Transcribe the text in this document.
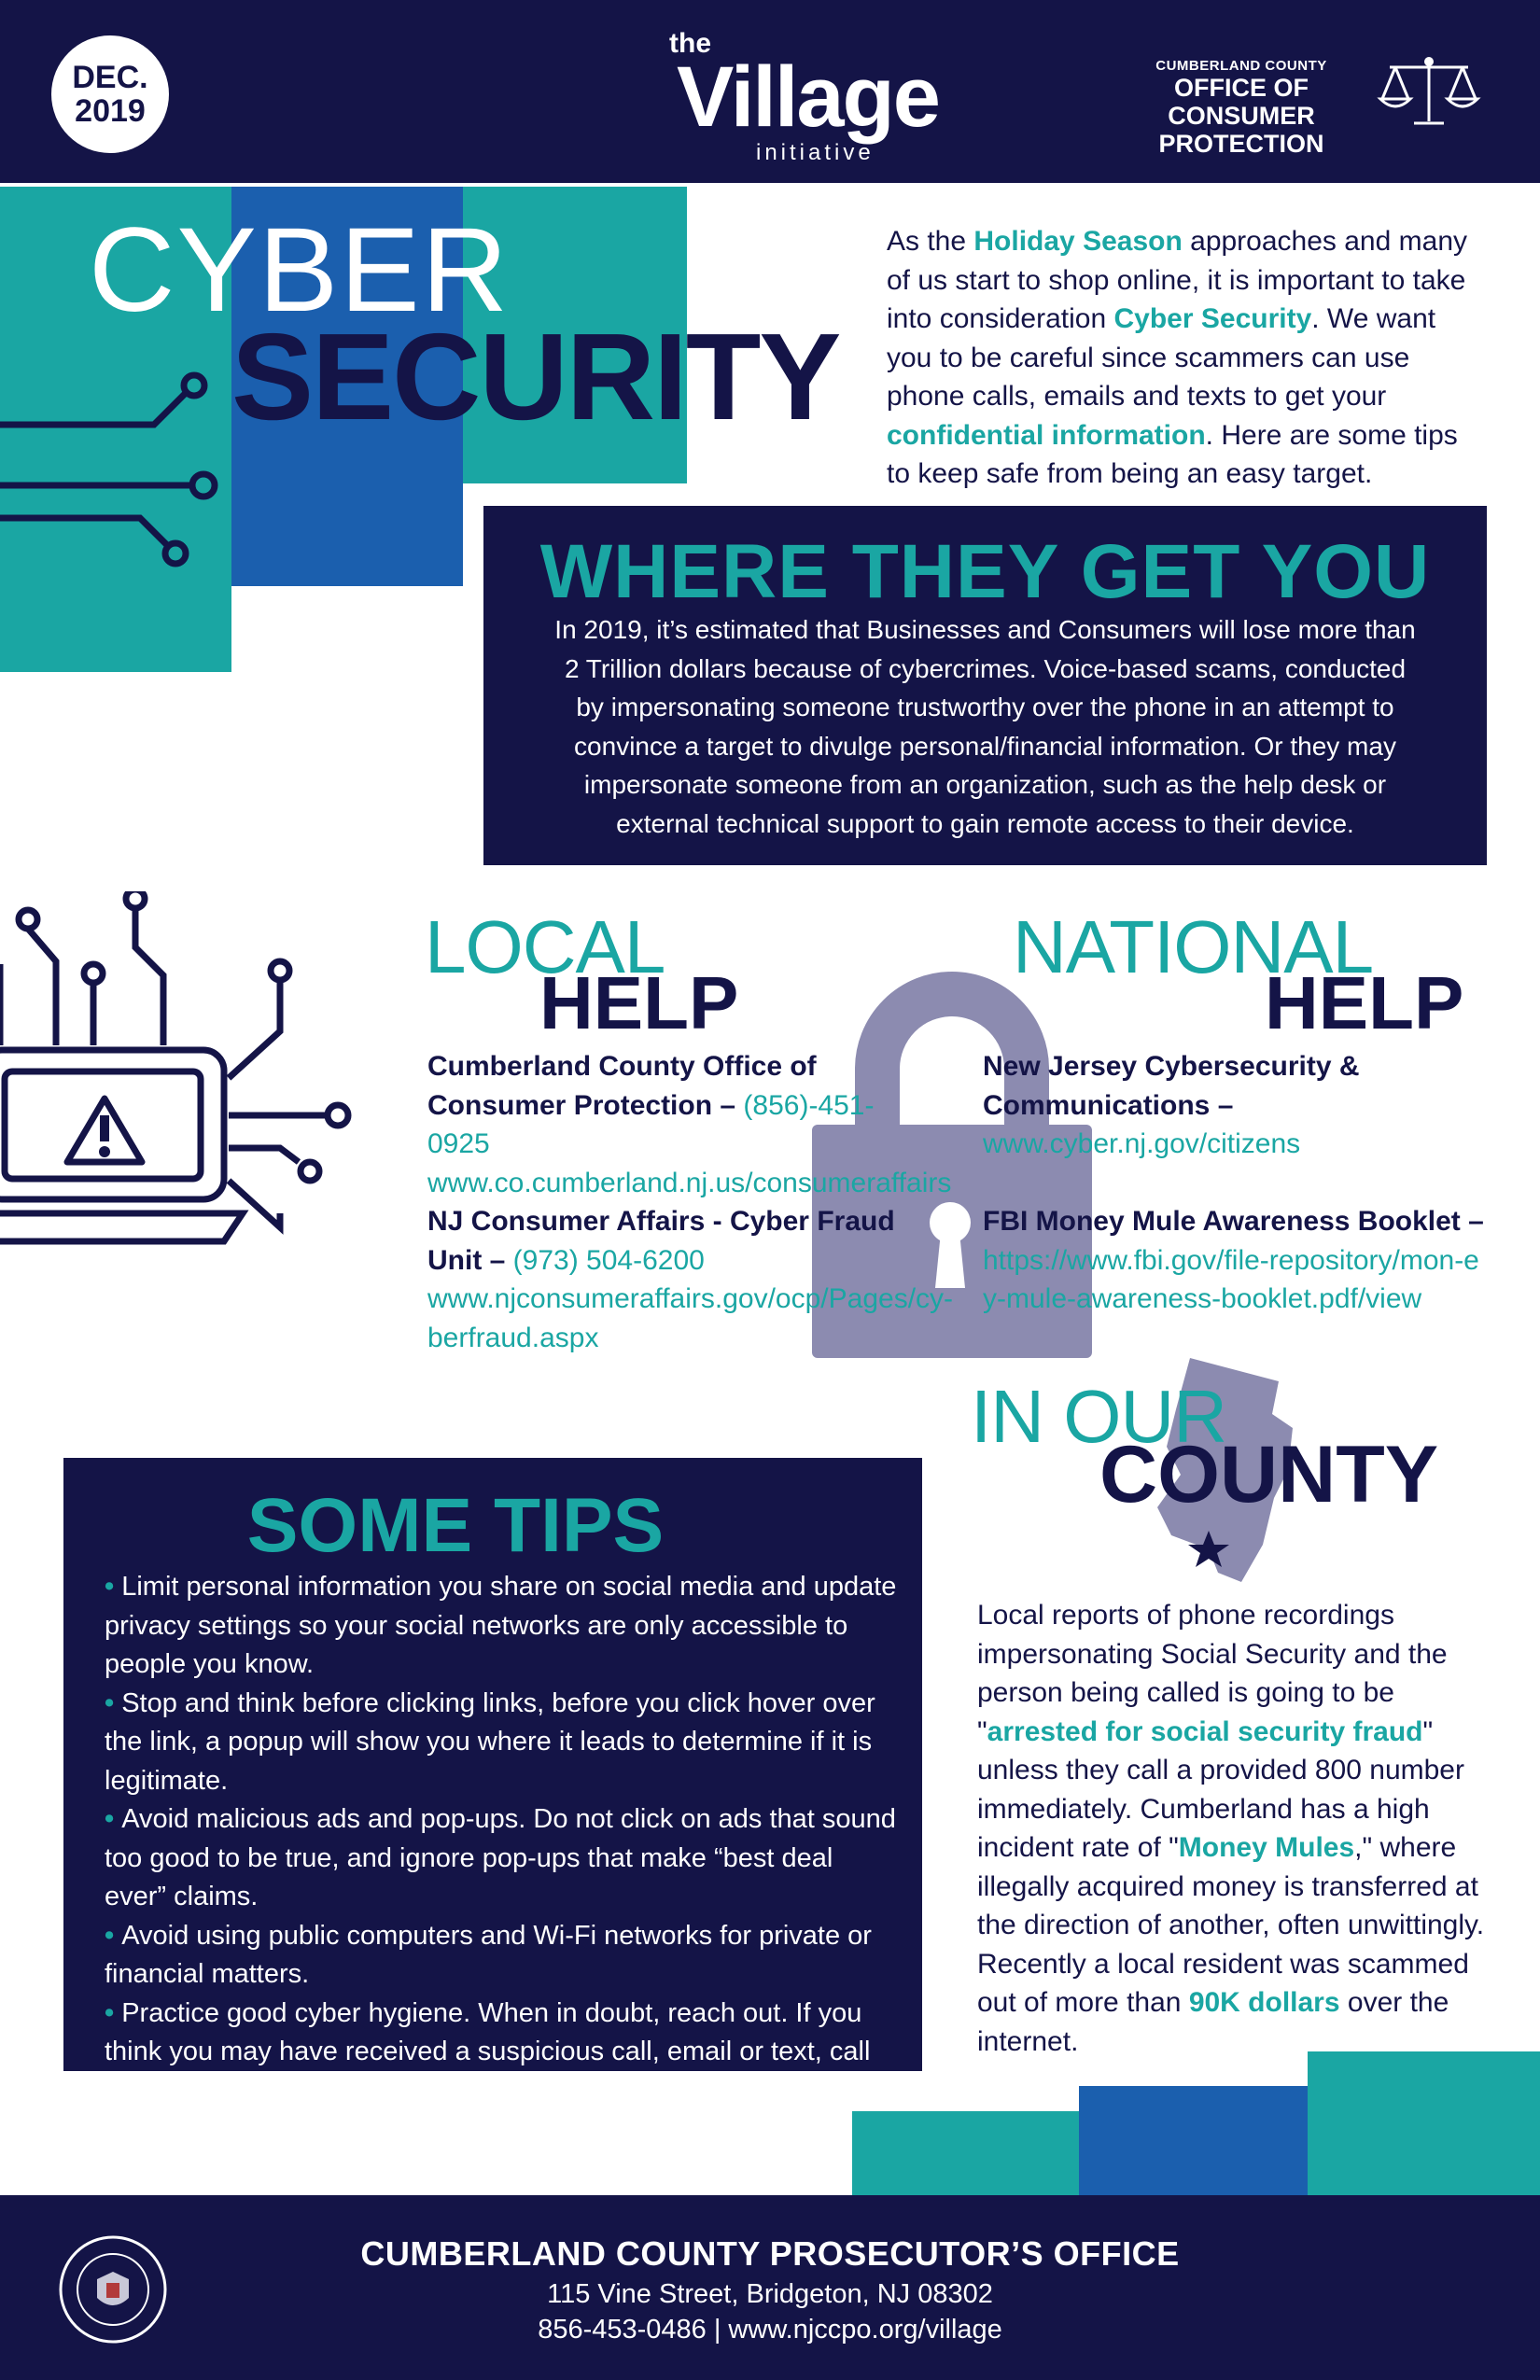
DEC.
2019
the
Village
initiative
CUMBERLAND COUNTY
OFFICE OF CONSUMER
PROTECTION
CYBER
SECURITY

As the Holiday Season approaches and many of us start to shop online, it is important to take into consideration Cyber Security. We want you to be careful since scammers can use phone calls, emails and texts to get your confidential information. Here are some tips to keep safe from being an easy target.

WHERE THEY GET YOU
In 2019, it’s estimated that Businesses and Consumers will lose more than 2 Trillion dollars because of cybercrimes. Voice-based scams, conducted by impersonating someone trustworthy over the phone in an attempt to convince a target to divulge personal/financial information. Or they may impersonate someone from an organization, such as the help desk or external technical support to gain remote access to their device.
LOCAL
HELP
Cumberland County Office of Consumer Protection – (856)-451-0925
www.co.cumberland.nj.us/consumeraffairs
NJ Consumer Affairs - Cyber Fraud Unit – (973) 504-6200
www.njconsumeraffairs.gov/ocp/Pages/cy-berfraud.aspx
NATIONAL
HELP
New Jersey Cybersecurity & Communications –
www.cyber.nj.gov/citizens
FBI Money Mule Awareness Booklet –
https://www.fbi.gov/file-repository/mon-ey-mule-awareness-booklet.pdf/view
IN OUR
COUNTY

Local reports of phone recordings impersonating Social Security and the person being called is going to be "arrested for social security fraud" unless they call a provided 800 number immediately. Cumberland has a high incident rate of "Money Mules," where illegally acquired money is transferred at the direction of another, often unwittingly. Recently a local resident was scammed out of more than 90K dollars over the internet.

SOME TIPS
• Limit personal information you share on social media and update privacy settings so your social networks are only accessible to people you know.
• Stop and think before clicking links, before you click hover over the link, a popup will show you where it leads to determine if it is legitimate.
• Avoid malicious ads and pop-ups. Do not click on ads that sound too good to be true, and ignore pop-ups that make “best deal ever” claims.
• Avoid using public computers and Wi-Fi networks for private or financial matters.
• Practice good cyber hygiene. When in doubt, reach out. If you think you may have received a suspicious call, email or text, call your bank so you can be sure it is a legitimate source.
CUMBERLAND COUNTY PROSECUTOR’S OFFICE
115 Vine Street, Bridgeton, NJ 08302
856-453-0486 | www.njccpo.org/village
